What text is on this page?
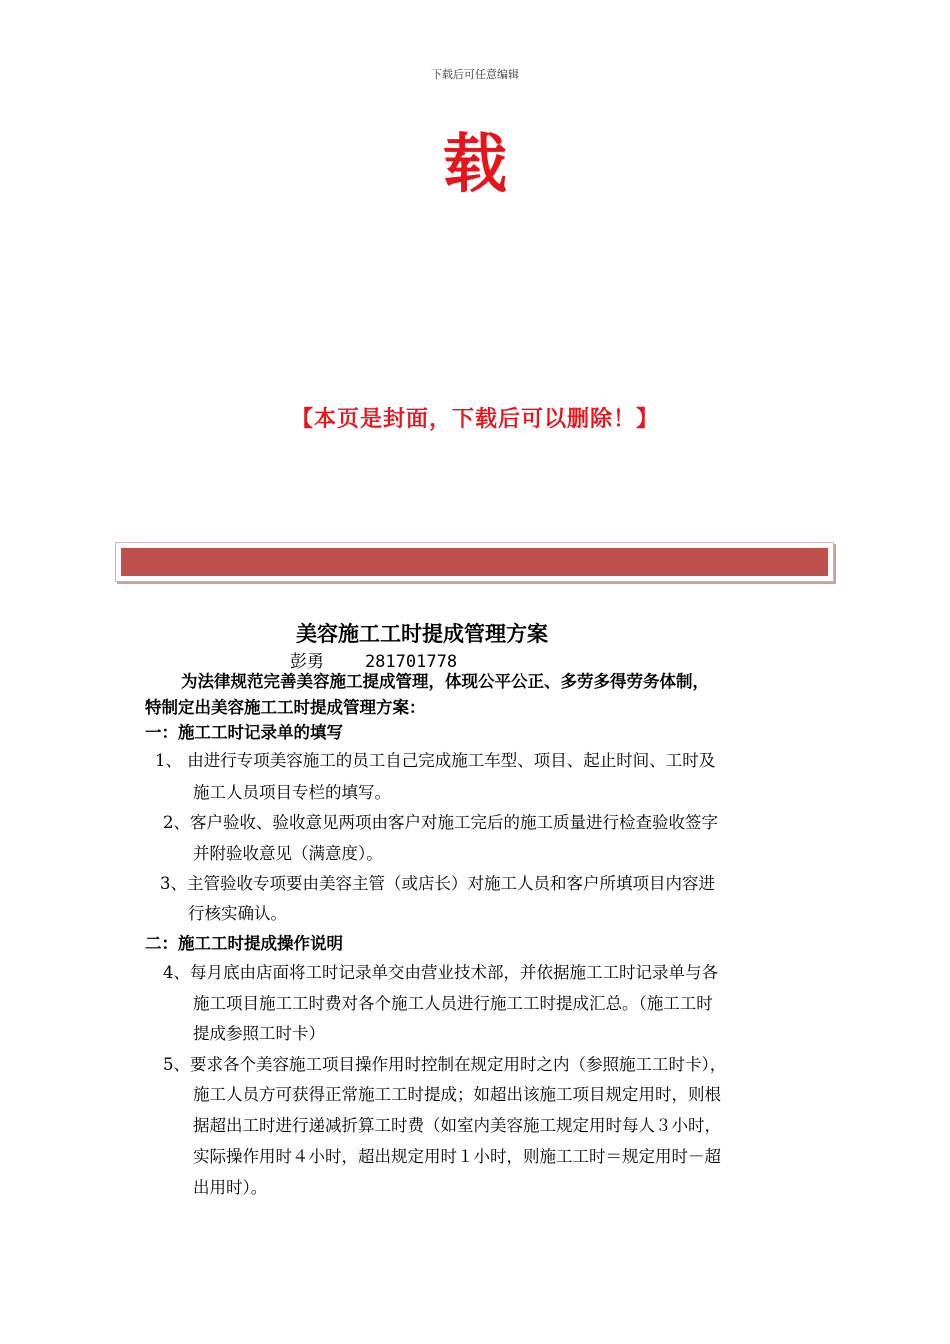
下载后可任意编辑
载
【本页是封面，下载后可以删除！】
美容施工工时提成管理方案
彭勇    281701778
为法律规范完善美容施工提成管理，体现公平公正、多劳多得劳务体制，
特制定出美容施工工时提成管理方案：
一：施工工时记录单的填写
1、 由进行专项美容施工的员工自己完成施工车型、项目、起止时间、工时及
施工人员项目专栏的填写。
2、客户验收、验收意见两项由客户对施工完后的施工质量进行检查验收签字
并附验收意见（满意度）。
3、主管验收专项要由美容主管（或店长）对施工人员和客户所填项目内容进
行核实确认。
二：施工工时提成操作说明
4、每月底由店面将工时记录单交由营业技术部，并依据施工工时记录单与各
施工项目施工工时费对各个施工人员进行施工工时提成汇总。（施工工时
提成参照工时卡）
5、要求各个美容施工项目操作用时控制在规定用时之内（参照施工工时卡），
施工人员方可获得正常施工工时提成；如超出该施工项目规定用时，则根
据超出工时进行递减折算工时费（如室内美容施工规定用时每人３小时，
实际操作用时４小时，超出规定用时１小时，则施工工时＝规定用时－超
出用时）。
